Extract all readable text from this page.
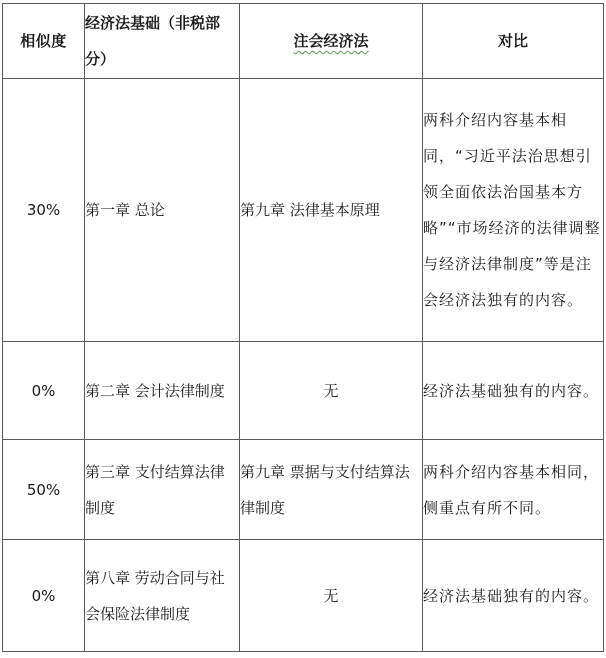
相似度	经济法基础（非税部分）	注会经济法	对比
30%	第一章 总论	第九章 法律基本原理	两科介绍内容基本相同，“习近平法治思想引领全面依法治国基本方略”“市场经济的法律调整与经济法律制度”等是注会经济法独有的内容。
0%	第二章 会计法律制度	无	经济法基础独有的内容。
50%	第三章 支付结算法律制度	第九章 票据与支付结算法律制度	两科介绍内容基本相同，侧重点有所不同。
0%	第八章 劳动合同与社会保险法律制度	无	经济法基础独有的内容。
